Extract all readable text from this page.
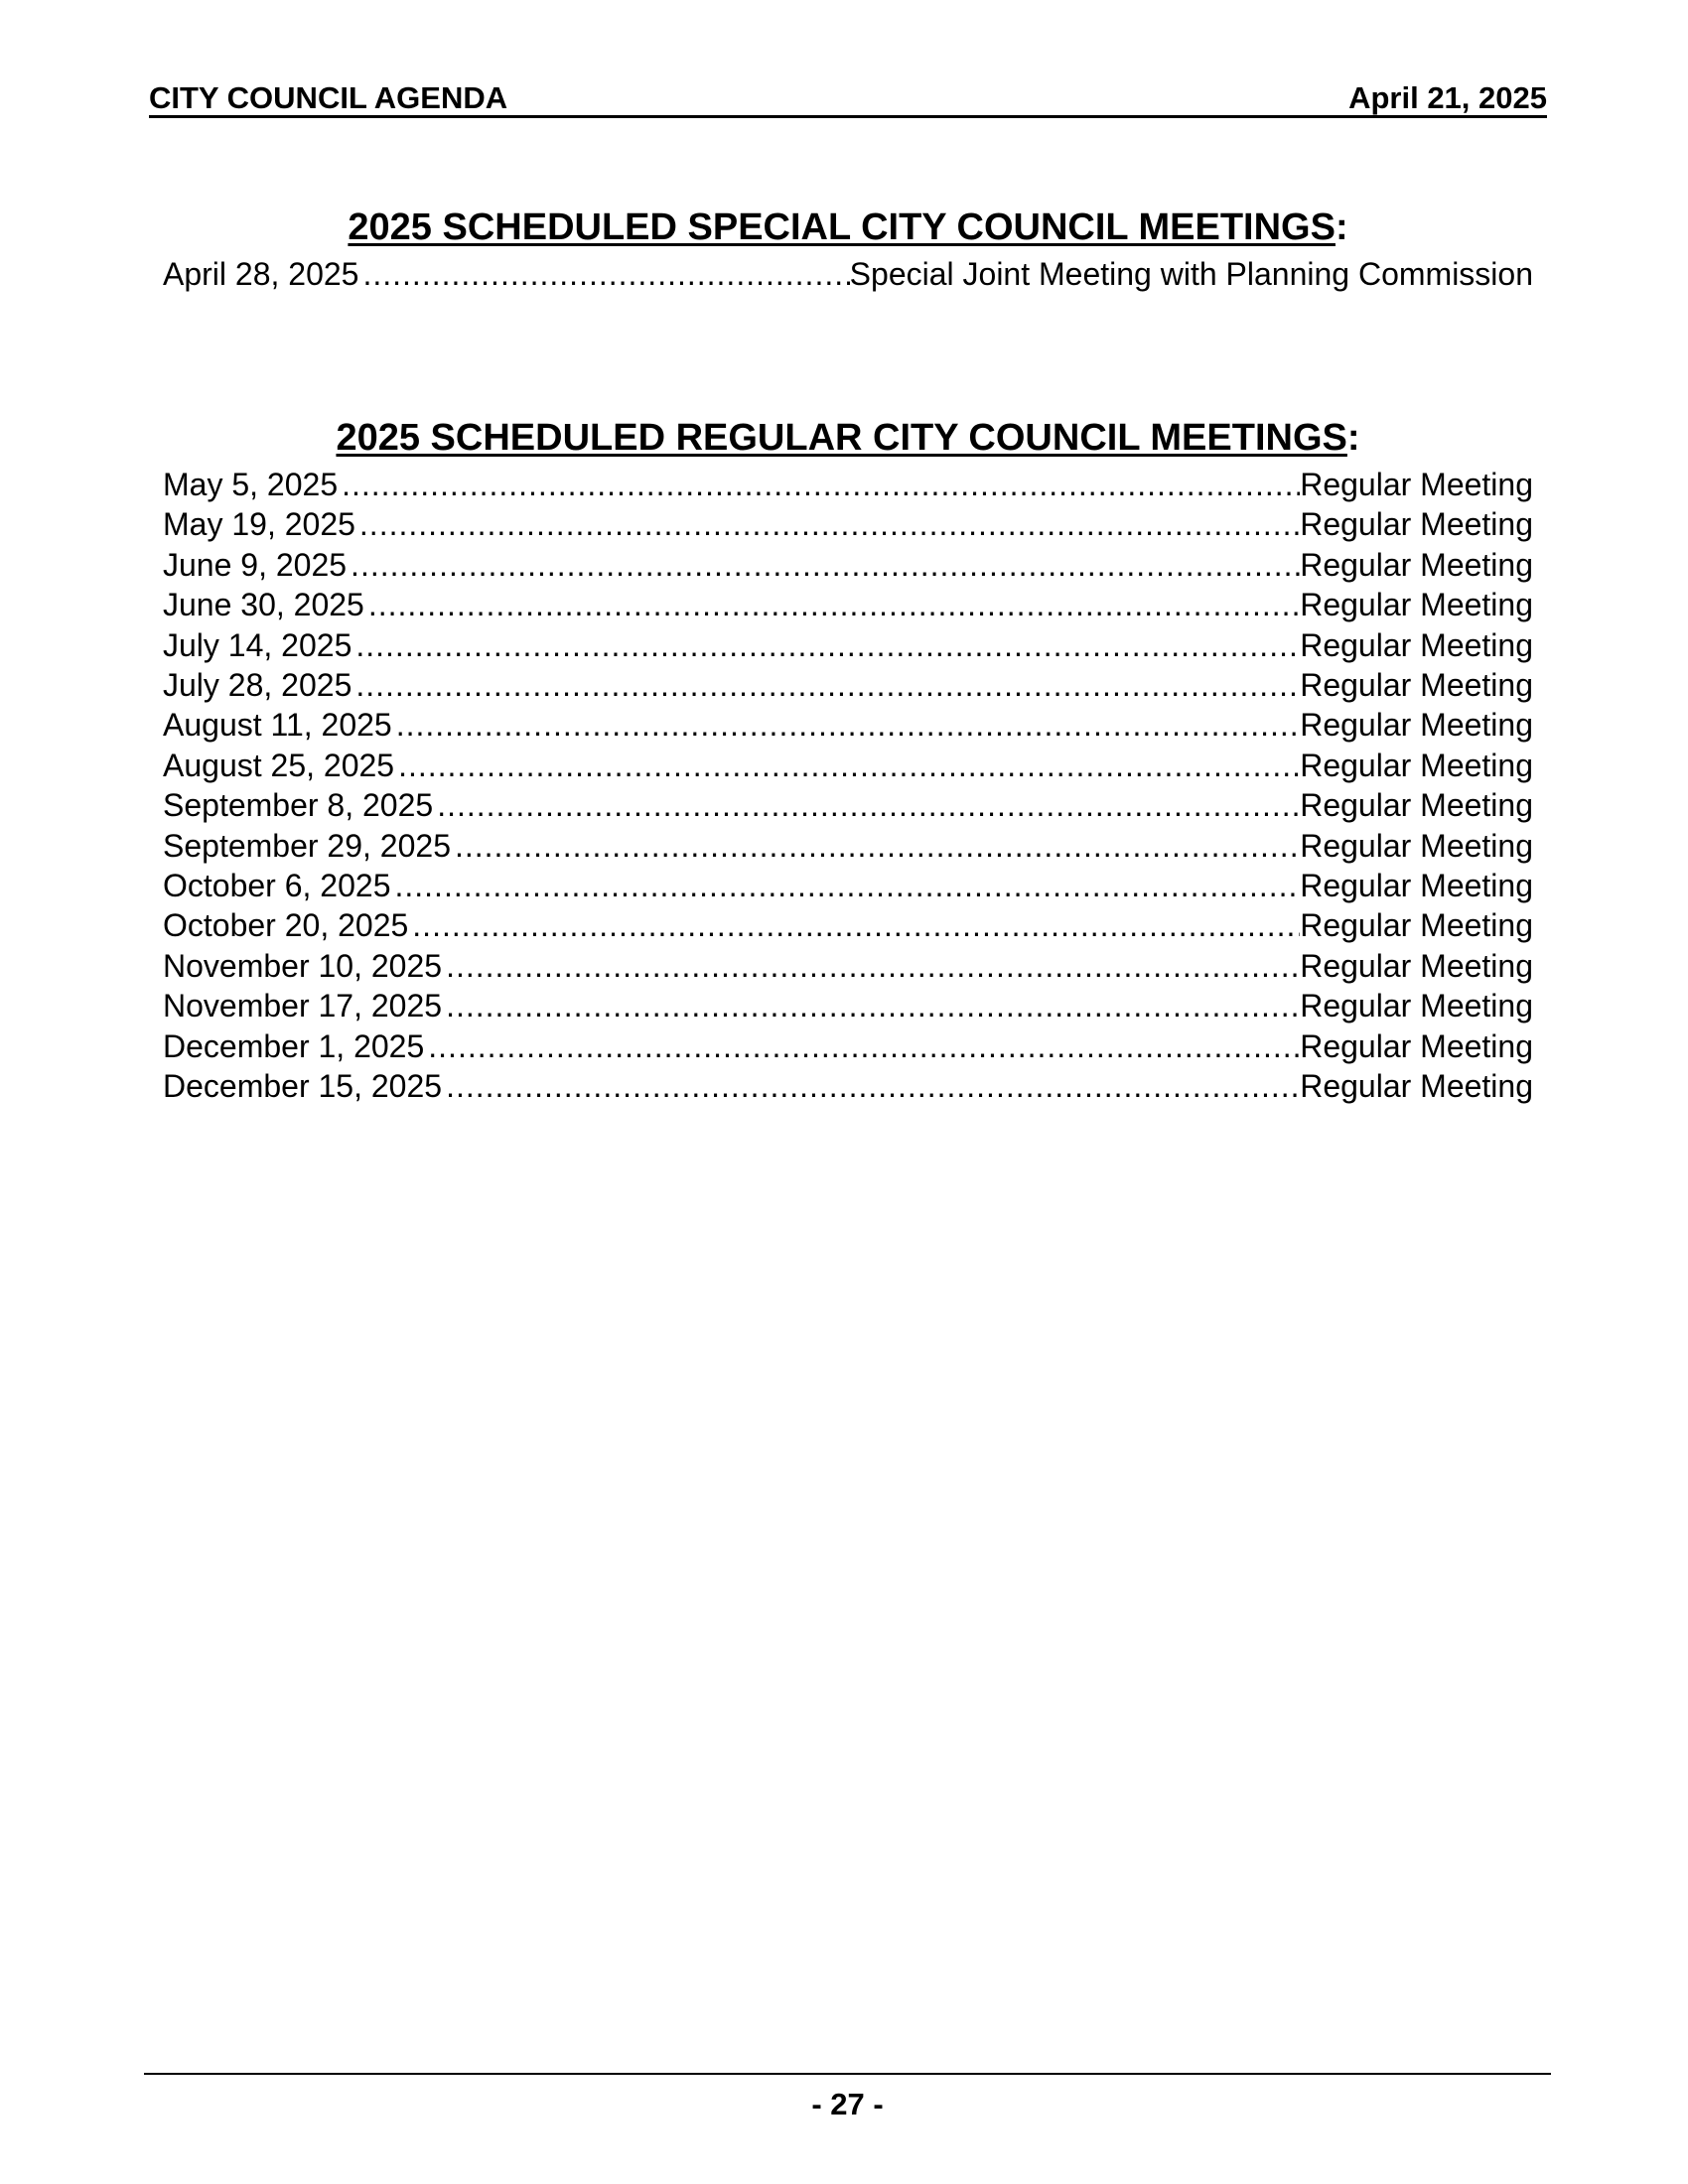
CITY COUNCIL AGENDA	April 21, 2025
2025 SCHEDULED SPECIAL CITY COUNCIL MEETINGS:
April 28, 2025 .....	Special Joint Meeting with Planning Commission
2025 SCHEDULED REGULAR CITY COUNCIL MEETINGS:
May 5, 2025 .....	Regular Meeting
May 19, 2025 .....	Regular Meeting
June 9, 2025 .....	Regular Meeting
June 30, 2025 .....	Regular Meeting
July 14, 2025 .....	Regular Meeting
July 28, 2025 .....	Regular Meeting
August 11, 2025 .....	Regular Meeting
August 25, 2025 .....	Regular Meeting
September 8, 2025 .....	Regular Meeting
September 29, 2025 .....	Regular Meeting
October 6, 2025 .....	Regular Meeting
October 20, 2025 .....	Regular Meeting
November 10, 2025 .....	Regular Meeting
November 17, 2025 .....	Regular Meeting
December 1, 2025 .....	Regular Meeting
December 15, 2025 .....	Regular Meeting
- 27 -
